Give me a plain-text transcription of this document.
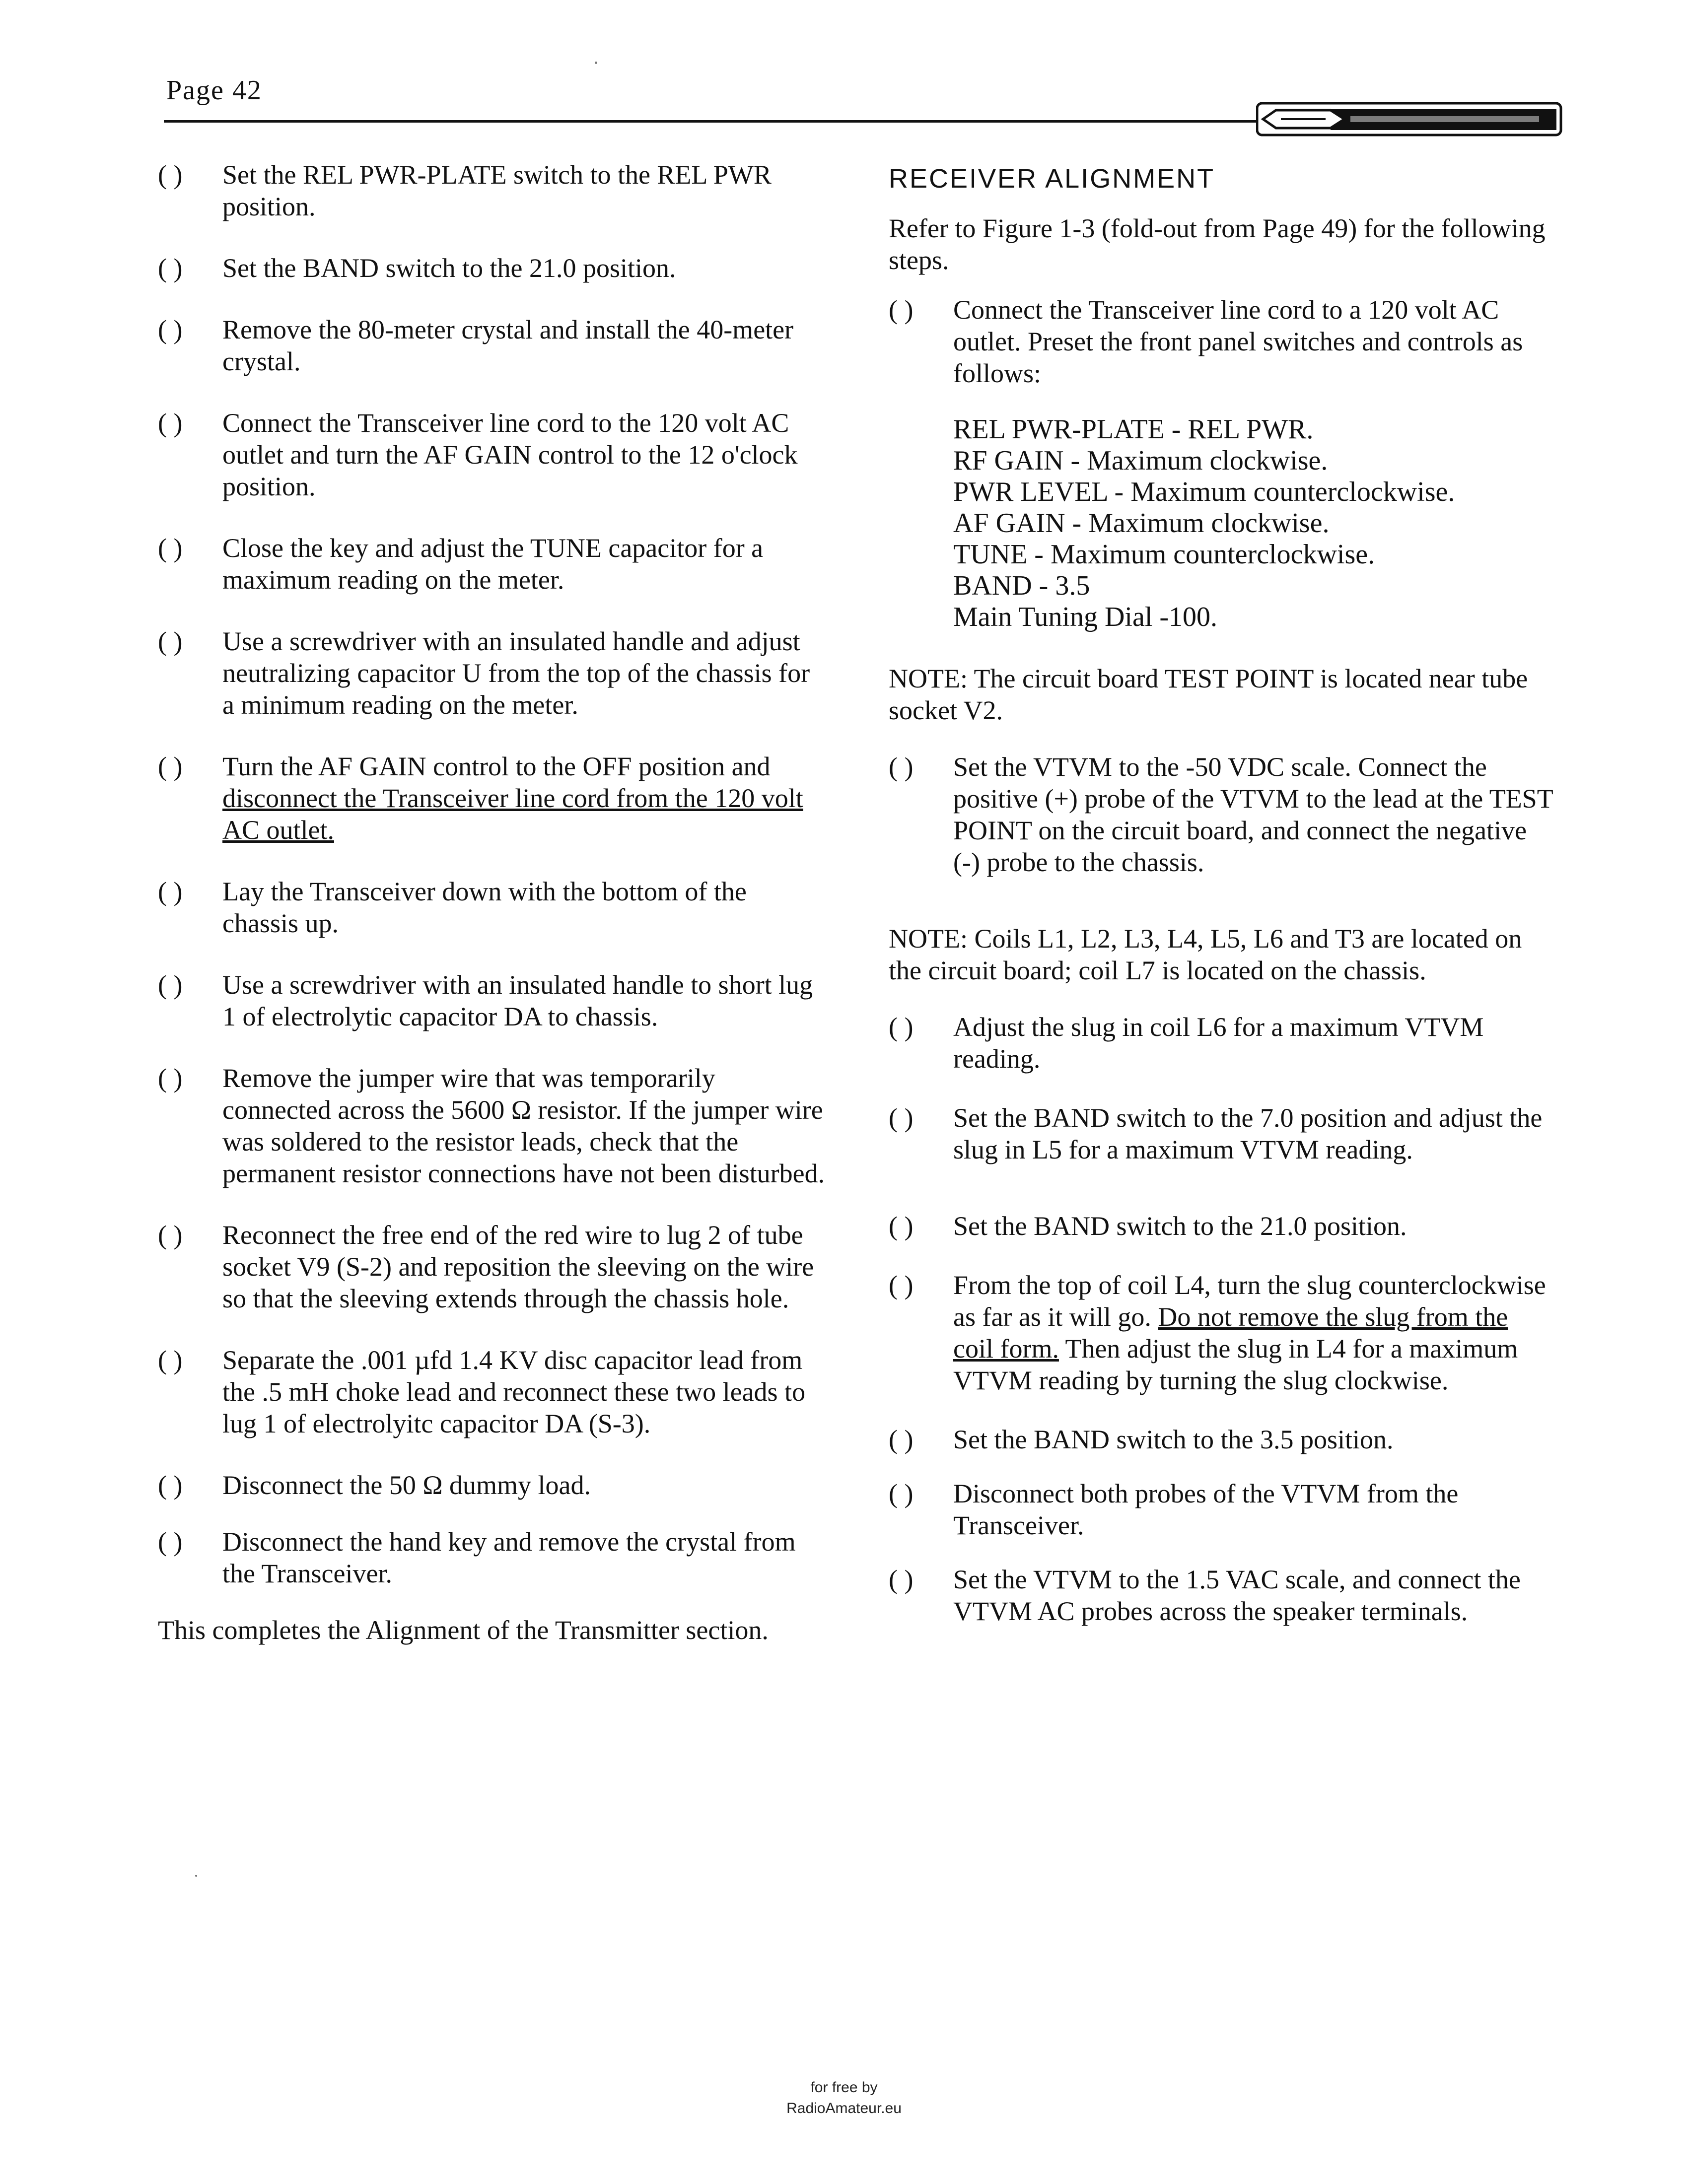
Page 42
( ) Set the REL PWR-PLATE switch to the REL PWR position.
( ) Set the BAND switch to the 21.0 position.
( ) Remove the 80-meter crystal and install the 40-meter crystal.
( ) Connect the Transceiver line cord to the 120 volt AC outlet and turn the AF GAIN control to the 12 o'clock position.
( ) Close the key and adjust the TUNE capacitor for a maximum reading on the meter.
( ) Use a screwdriver with an insulated handle and adjust neutralizing capacitor U from the top of the chassis for a minimum reading on the meter.
( ) Turn the AF GAIN control to the OFF position and disconnect the Transceiver line cord from the 120 volt AC outlet.
( ) Lay the Transceiver down with the bottom of the chassis up.
( ) Use a screwdriver with an insulated handle to short lug 1 of electrolytic capacitor DA to chassis.
( ) Remove the jumper wire that was temporarily connected across the 5600 Ω resistor. If the jumper wire was soldered to the resistor leads, check that the permanent resistor connections have not been disturbed.
( ) Reconnect the free end of the red wire to lug 2 of tube socket V9 (S-2) and reposition the sleeving on the wire so that the sleeving extends through the chassis hole.
( ) Separate the .001 µfd 1.4 KV disc capacitor lead from the .5 mH choke lead and reconnect these two leads to lug 1 of electrolyitc capacitor DA (S-3).
( ) Disconnect the 50 Ω dummy load.
( ) Disconnect the hand key and remove the crystal from the Transceiver.
This completes the Alignment of the Transmitter section.
RECEIVER ALIGNMENT
Refer to Figure 1-3 (fold-out from Page 49) for the following steps.
( ) Connect the Transceiver line cord to a 120 volt AC outlet. Preset the front panel switches and controls as follows:
REL PWR-PLATE - REL PWR.
RF GAIN - Maximum clockwise.
PWR LEVEL - Maximum counterclockwise.
AF GAIN - Maximum clockwise.
TUNE - Maximum counterclockwise.
BAND - 3.5
Main Tuning Dial -100.
NOTE: The circuit board TEST POINT is located near tube socket V2.
( ) Set the VTVM to the -50 VDC scale. Connect the positive (+) probe of the VTVM to the lead at the TEST POINT on the circuit board, and connect the negative (-) probe to the chassis.
NOTE: Coils L1, L2, L3, L4, L5, L6 and T3 are located on the circuit board; coil L7 is located on the chassis.
( ) Adjust the slug in coil L6 for a maximum VTVM reading.
( ) Set the BAND switch to the 7.0 position and adjust the slug in L5 for a maximum VTVM reading.
( ) Set the BAND switch to the 21.0 position.
( ) From the top of coil L4, turn the slug counterclockwise as far as it will go. Do not remove the slug from the coil form. Then adjust the slug in L4 for a maximum VTVM reading by turning the slug clockwise.
( ) Set the BAND switch to the 3.5 position.
( ) Disconnect both probes of the VTVM from the Transceiver.
( ) Set the VTVM to the 1.5 VAC scale, and connect the VTVM AC probes across the speaker terminals.
for free by
RadioAmateur.eu
